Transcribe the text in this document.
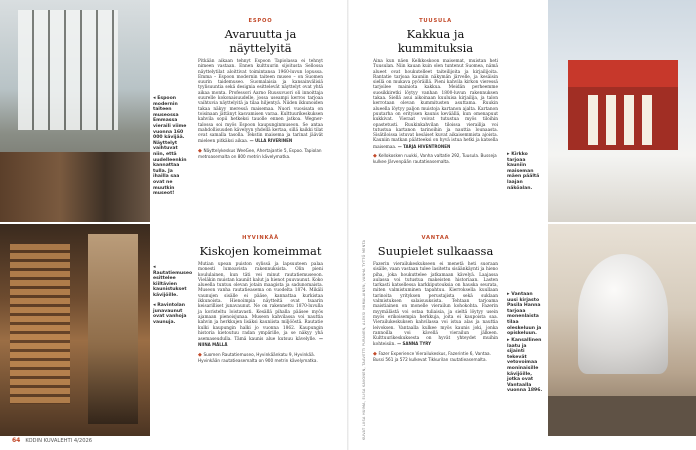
◂ Espoon modernin taiteen museossa Emmassa vieraili viime vuonna 160 000 kävijää. Näyttelyt vaihtuvat niin, että uudelleenkin kannattaa tulla. Ja ihailla saa ovat ne muutkin museot!
◂ Rautatiemuseo esittelee kiiltävien kaunistukset kävijöille.
◂ Ravintolan junavaunut ovat vanhoja vaunuja.
▸ Kirkko tarjoaa kauniin maiseman mäen päältä laajan näköalan.
▸ Vantaan uusi kirjasto Pasila Hanna tarjoaa monenlaista tilaa oleskeluun ja opiskeluun.
▸ Kansallinen laatu ja sijainti tekevät vetovoimaa moninaisille kävijöille, jotka ovat Vantaalla vuonna 1896.
ESPOO
Avaruutta ja näyttelyitä

Pitkään aikaan tehnyt Espoon Tapiolassa ei tehnyt nimeen vastaan. Ennen kulttuurin sijoitusta Sellossa näyttelytilat aloittivat toimintansa 1960-luvun lopussa. Emma – Espoon modernin taiteen museo – on Suomen suurin taidemuseo. Suomalaisia ja kansainvälisiä tyylisuuntia sekä designia esittelevät näyttelyt ovat yhtä aikaa monta. Professori Aarno Ruusuvuori oli innoittaja suurelle kokonaisuudelle, jossa useampi kerros tarjoaa vaihtuvia näyttelyitä ja tilaa hiljentyä. Niiden ikkunoiden takaa näkyy meressä maisemaa. Nuori vuosisata on toisinaan jättänyt kasvamisen varaa. Kulttuurikeskuksen kahvila sopii hetkeksi tauolle ennen jatkoa. Wegner-talossa soi myös Espoon kaupunginmuseon. Se antaa mahdollisuuden kävelyyn yhdellä kertaa, sillä kaikki tilat ovat samalla tasolla. Tekstin maisema ja tarinat jäävät mieleen pitkäksi aikaa. — ULLA RIVERINEN

◆ Näyttelykeskus WeeGee, Ahertajantie 5, Espoo. Tapiolan metroasemalta on 800 metrin kävelymatka.

HYVINKÄÄ
Kiskojen komeimmat

Mutian upean puiston sylissä ja lapsuuteen palaa monesti lumoavista rakennuksista. Olin pieni koululainen, kun täti vei minut rautatiemuseoon. Vieläkin muistan kauniit kalut ja hienot puuvaunut. Koko alueella tuntuu olevan jotain maagista ja sadunomaista. Museon vanha rautatieasema on vuodelta 1874. Mikäli vaunujen sisälle ei pääse, kannattaa kurkistaa ikkunoista. Hienoimpia näytteitä ovat tsaarin keisarilliset junavaunut. Ne on rakennettu 1870-luvulla ja koristeltu loistavasti. Kesällä pihalla pääsee myös ajamaan pienoisjunaa. Museon kahvilassa voi nauttia kahvin ja herkkujen lisäksi kauniista miljööstä. Rautatie kulki kaupungin halki jo vuonna 1862. Kaupungin historia kietoutuu radan ympärille, ja se näkyy yhä asemaseudulla. Tämä kaunis alue kutsuu kävelylle. — NIINA MÄLLÄ

◆ Suomen Rautatiemuseo, Hyvinkäänkatu 9, Hyvinkää. Hyvinkään rautatieasemalta on 900 metrin kävelymatka.

TUUSULA
Kakkua ja kummituksia

Aina kun näen Kelkkoskoon maisemat, muistan heti Tuusulan. Niin kauan kuin olen tuntenut Suomea, nämä alueet ovat houkutelleet taiteilijoita ja kirjailijoita. Rantatie tarjoaa kauniin näkymän järvelle, ja kesäisin siellä on mukava pyöräillä. Pieni kahvila kirkon vieressä tarjoilee mainiota kakkua. Meidän perheemme suosikkiretki löytyy vanhan 1800-luvun rakennuksen takaa. Siellä asui aikoinaan kuuluisa kirjailija, ja talon kerrotaan olevan kummitusten asuttama. Ruukin alueella löytyy paljon muistoja kartanon ajalta. Kartanon puutarha on erityisen kaunis keväällä, kun omenapuut kukkivat. Vieraat voivat tutustua myös tiloihin opastetusti. Ruukinkahvilan tiloissa vierailija voi tutustua kartanon tarinoihin ja nauttia lounaasta. Sisätiloissa istuvat kesäiset kuvat aikaisemmista ajoista. Kauniin matkan päätteeksi on hyvä istua hetki ja katsella maisemaa. — TARJA HIVENTRONEN

◆ Kellokosken ruukki, Vanha valtatie 292, Tuusula. Busseja kulkee Järvenpään rautatieasemalta.

VANTAA
Suupielet sulkaassa

Fazerin vierailukeskukseen ei menetä heti suoraan sisälle, vaan vastaan tulee lasitettu sisäänkäynti ja hieno piha, joka houkuttelee jatkamaan kävelyä. Laajassa aulassa voi tutustua makeisten historiaan. Lasten tarkasti katsellessa karkkiputouksia on hauska seurata, miten valmistuminen tapahtuu. Kierroksella kuullaan tarinoita yrityksen perustajista sekä suklaan valmistuksen salaisuuksista. Tehtaan tarjoama maistiainen on monelle vierailun kohokohta. Fazerin myymälästä voi ostaa tuliaisia, ja sieltä löytyy usein myös erikoisempia herkkuja, joita ei kaupoista saa. Vierailukeskuksen kahvilassa voi istua alas ja nauttia leivoksen. Vantaalla kulkee myös kaunis joki, jonka rannoilla voi kävellä vierailun jälkeen. Kulttuurikeskuksesta on hyvät yhteydet muihin kohteisiin. — SANNA TYRY

◆ Fazer Experience Vierailukeskus, Fazerintie 6, Vantaa. Bussi 561 ja 572 kulkevat Tikkurilan rautatieasemalta.

KUVAT LIISA HUIMA, ELISA KAVONEN, TAAVETTI PURANEN, ALEKSI HUMALAINEN, VANHA TYTTÖ MENTA
64 KODIN KUVALEHTI 4/2026
